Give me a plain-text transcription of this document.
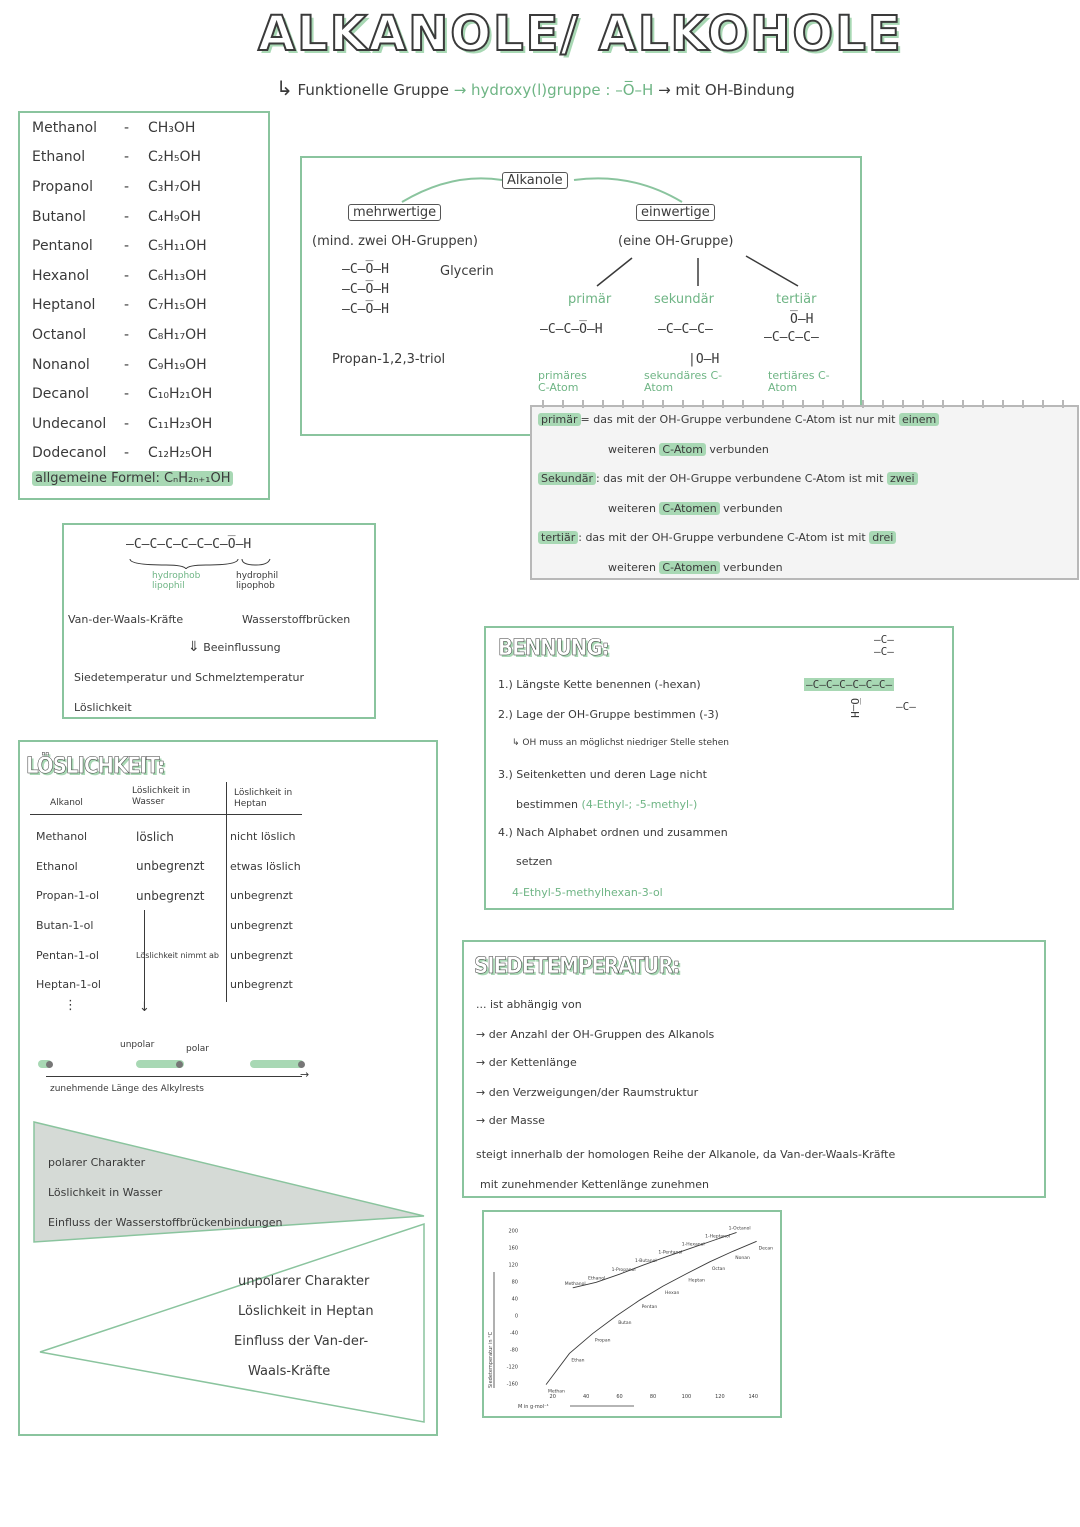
ALKANOLE/ ALKOHOLE
↳ Funktionelle Gruppe → hydroxy(l)gruppe : –O̅–H → mit OH-Bindung
Methanol	-	CH₃OH
Ethanol	-	C₂H₅OH
Propanol	-	C₃H₇OH
Butanol	-	C₄H₉OH
Pentanol	-	C₅H₁₁OH
Hexanol	-	C₆H₁₃OH
Heptanol	-	C₇H₁₅OH
Octanol	-	C₈H₁₇OH
Nonanol	-	C₉H₁₉OH
Decanol	-	C₁₀H₂₁OH
Undecanol	-	C₁₁H₂₃OH
Dodecanol	-	C₁₂H₂₅OH
allgemeine Formel: CₙH₂ₙ₊₁OH
Alkanole
mehrwertige
(mind. zwei OH-Gruppen)
–C–O̅–H
–C–O̅–H
–C–O̅–H
Glycerin
Propan-1,2,3-triol
einwertige
(eine OH-Gruppe)
primär
–C–C–O̅–H
primäres C-Atom
sekundär
–C–C–C–
|O–H
sekundäres C-Atom
tertiär
O̅–H
–C–C–C–
tertiäres C-Atom
primär = das mit der OH-Gruppe verbundene C-Atom ist nur mit einem
weiteren C-Atom verbunden
Sekundär : das mit der OH-Gruppe verbundene C-Atom ist mit zwei
weiteren C-Atomen verbunden
tertiär : das mit der OH-Gruppe verbundene C-Atom ist mit drei
weiteren C-Atomen verbunden
–C–C–C–C–C–C–O̅–H
hydrophob
lipophil
hydrophil
lipophob
Van-der-Waals-Kräfte	Wasserstoffbrücken
⇓ Beeinflussung
Siedetemperatur und Schmelztemperatur
Löslichkeit
BENNUNG:
1.) Längste Kette benennen (-hexan)
2.) Lage der OH-Gruppe bestimmen (-3)
↳ OH muss an möglichst niedriger Stelle stehen
3.) Seitenketten und deren Lage nicht
bestimmen (4-Ethyl-; -5-methyl-)
4.) Nach Alphabet ordnen und zusammen
setzen
4-Ethyl-5-methylhexan-3-ol
–C–
–C–
–C–C–C–C–C–C–
O̅–H	–C–
LÖSLICHKEIT:
Alkanol
Löslichkeit in Wasser
Löslichkeit in Heptan
Methanol	löslich	nicht löslich
Ethanol	unbegrenzt	etwas löslich
Propan-1-ol	unbegrenzt	unbegrenzt
Butan-1-ol		unbegrenzt
Pentan-1-ol	Löslichkeit nimmt ab	unbegrenzt
Heptan-1-ol		unbegrenzt
↓
⋮
unpolar	polar
→
zunehmende Länge des Alkylrests
polarer Charakter
Löslichkeit in Wasser
Einfluss der Wasserstoffbrückenbindungen
unpolarer Charakter
Löslichkeit in Heptan
Einfluss der Van-der-
Waals-Kräfte
SIEDETEMPERATUR:
... ist abhängig von
→ der Anzahl der OH-Gruppen des Alkanols
→ der Kettenlänge
→ den Verzweigungen/der Raumstruktur
→ der Masse
steigt innerhalb der homologen Reihe der Alkanole, da Van-der-Waals-Kräfte
mit zunehmender Kettenlänge zunehmen
200
160
120
80
40
0
-40
-80
-120
-160
20	40	60	80	100	120	140
Siedetemperatur in °C
M in g·mol⁻¹
Methanol
Ethanol
1-Propanol
1-Butanol
1-Pentanol
1-Hexanol
1-Heptanol
1-Octanol
Methan
Ethan
Propan
Butan
Pentan
Hexan
Heptan
Octan
Nonan
Decan
